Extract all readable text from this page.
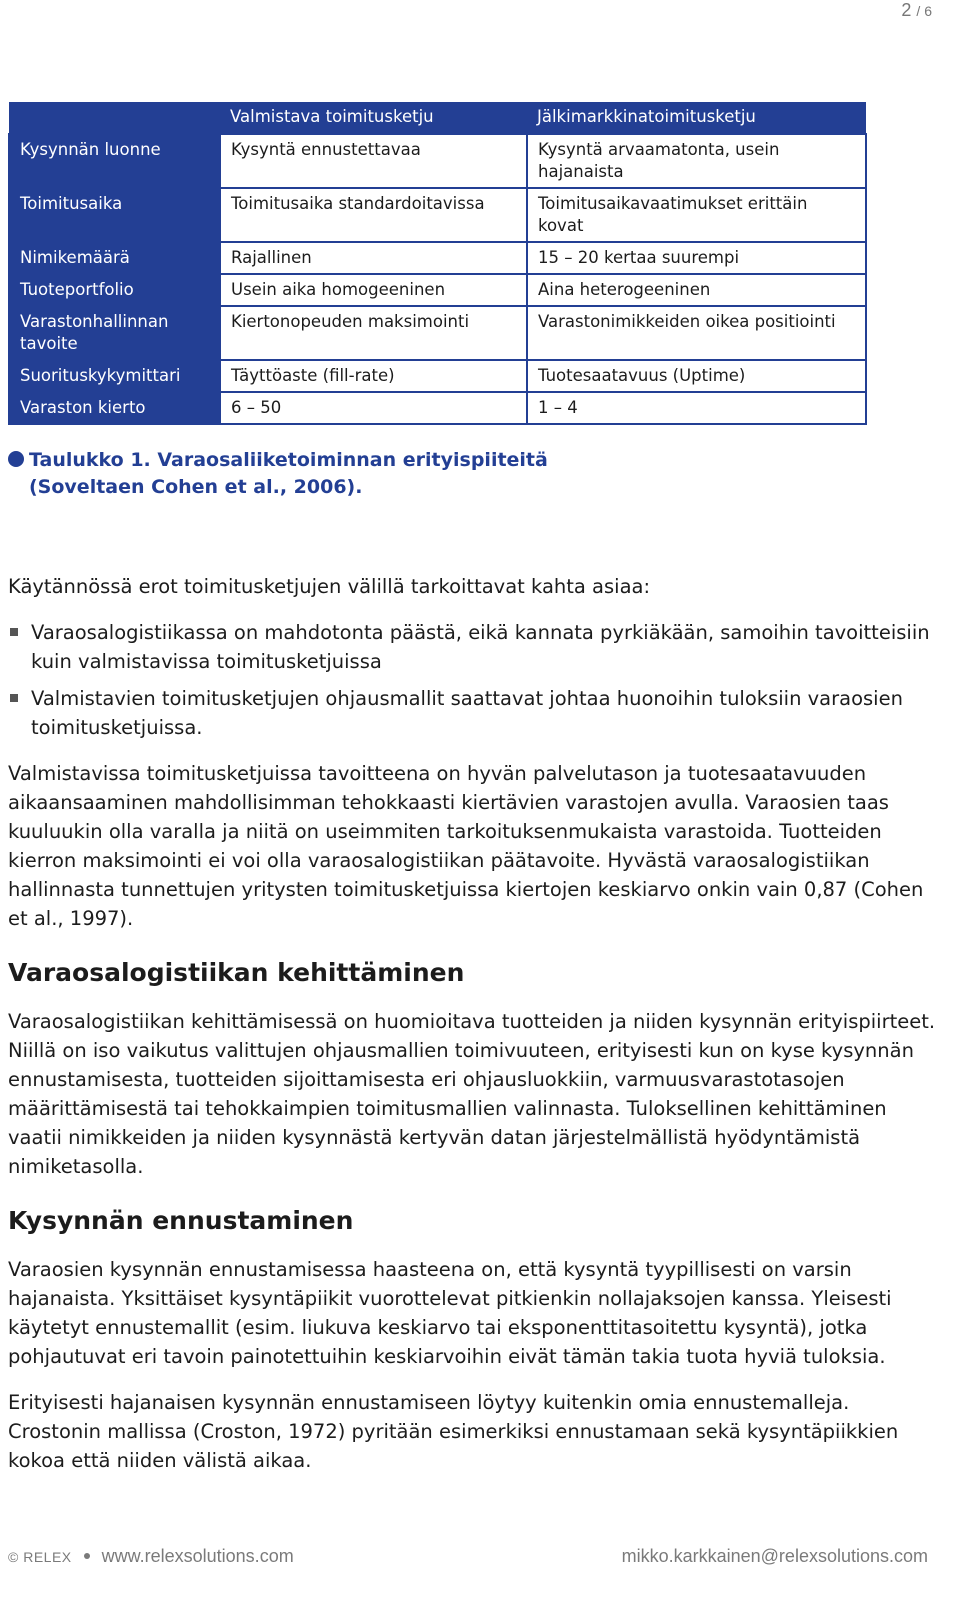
2 / 6
	Valmistava toimitusketju	Jälkimarkkinatoimitusketju
Kysynnän luonne	Kysyntä ennustettavaa	Kysyntä arvaamatonta, usein hajanaista
Toimitusaika	Toimitusaika standardoitavissa	Toimitusaikavaatimukset erittäin kovat
Nimikemäärä	Rajallinen	15 – 20 kertaa suurempi
Tuoteportfolio	Usein aika homogeeninen	Aina heterogeeninen
Varastonhallinnan tavoite	Kiertonopeuden maksimointi	Varastonimikkeiden oikea positiointi
Suorituskykymittari	Täyttöaste (fill-rate)	Tuotesaatavuus (Uptime)
Varaston kierto	6 – 50	1 – 4
Taulukko 1. Varaosaliiketoiminnan erityispiiteitä
(Soveltaen Cohen et al., 2006).

Käytännössä erot toimitusketjujen välillä tarkoittavat kahta asiaa:

Varaosalogistiikassa on mahdotonta päästä, eikä kannata pyrkiäkään, samoihin tavoitteisiin kuin valmistavissa toimitusketjuissa
Valmistavien toimitusketjujen ohjausmallit saattavat johtaa huonoihin tuloksiin varaosien toimitusketjuissa.

Valmistavissa toimitusketjuissa tavoitteena on hyvän palvelutason ja tuotesaatavuuden aikaansaaminen mahdollisimman tehokkaasti kiertävien varastojen avulla. Varaosien taas kuuluukin olla varalla ja niitä on useimmiten tarkoituksenmukaista varastoida. Tuotteiden kierron maksimointi ei voi olla varaosalogistiikan päätavoite. Hyvästä varaosalogistiikan hallinnasta tunnettujen yritysten toimitusketjuissa kiertojen keskiarvo onkin vain 0,87 (Cohen et al., 1997).

Varaosalogistiikan kehittäminen

Varaosalogistiikan kehittämisessä on huomioitava tuotteiden ja niiden kysynnän erityispiirteet. Niillä on iso vaikutus valittujen ohjausmallien toimivuuteen, erityisesti kun on kyse kysynnän ennustamisesta, tuotteiden sijoittamisesta eri ohjausluokkiin, varmuusvarastotasojen määrittämisestä tai tehokkaimpien toimitusmallien valinnasta. Tuloksellinen kehittäminen vaatii nimikkeiden ja niiden kysynnästä kertyvän datan järjestelmällistä hyödyntämistä nimiketasolla.

Kysynnän ennustaminen

Varaosien kysynnän ennustamisessa haasteena on, että kysyntä tyypillisesti on varsin hajanaista. Yksittäiset kysyntäpiikit vuorottelevat pitkienkin nollajaksojen kanssa. Yleisesti käytetyt ennustemallit (esim. liukuva keskiarvo tai eksponenttitasoitettu kysyntä), jotka pohjautuvat eri tavoin painotettuihin keskiarvoihin eivät tämän takia tuota hyviä tuloksia.

Erityisesti hajanaisen kysynnän ennustamiseen löytyy kuitenkin omia ennustemalleja. Crostonin mallissa (Croston, 1972) pyritään esimerkiksi ennustamaan sekä kysyntäpiikkien kokoa että niiden välistä aikaa.

© RELEX www.relexsolutions.com	mikko.karkkainen@relexsolutions.com
